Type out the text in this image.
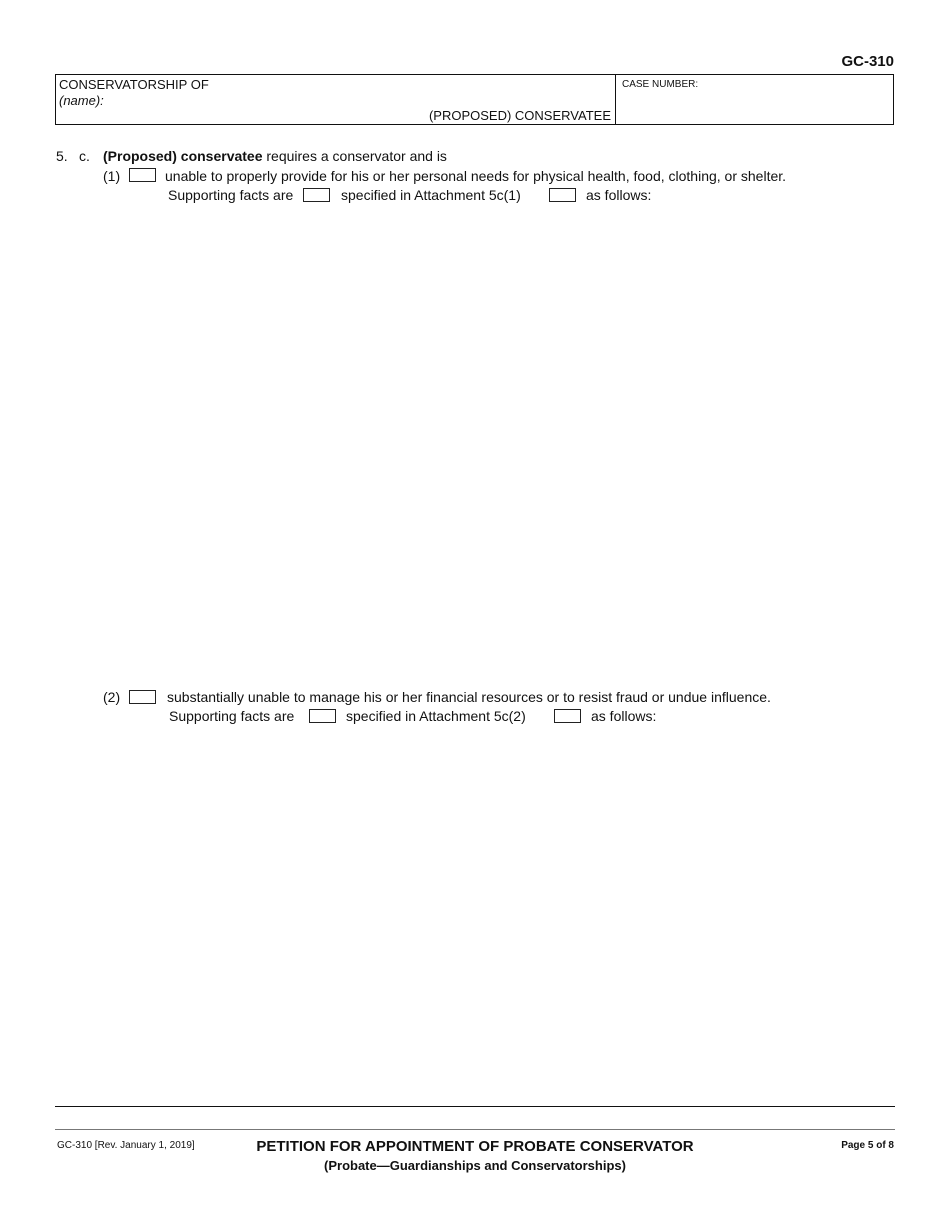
GC-310
CONSERVATORSHIP OF
(name):
(PROPOSED) CONSERVATEE
CASE NUMBER:
5. c. (Proposed) conservatee requires a conservator and is
(1)	unable to properly provide for his or her personal needs for physical health, food, clothing, or shelter.
Supporting facts are	specified in Attachment 5c(1)	as follows:
(2)	substantially unable to manage his or her financial resources or to resist fraud or undue influence.
Supporting facts are	specified in Attachment 5c(2)	as follows:
GC-310 [Rev. January 1, 2019]	PETITION FOR APPOINTMENT OF PROBATE CONSERVATOR
(Probate—Guardianships and Conservatorships)
Page 5 of 8
